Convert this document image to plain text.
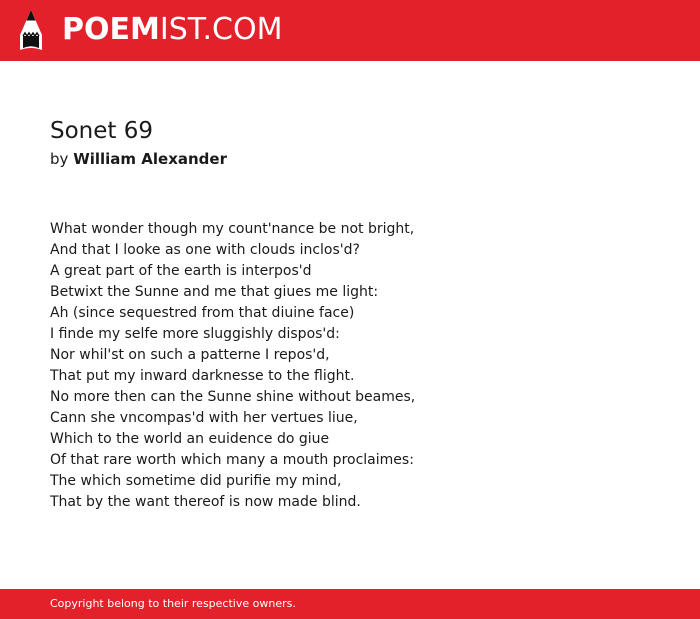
POEMIST.COM
Sonet 69
by William Alexander
What wonder though my count'nance be not bright,
And that I looke as one with clouds inclos'd?
A great part of the earth is interpos'd
Betwixt the Sunne and me that giues me light:
Ah (since sequestred from that diuine face)
I finde my selfe more sluggishly dispos'd:
Nor whil'st on such a patterne I repos'd,
That put my inward darknesse to the flight.
No more then can the Sunne shine without beames,
Cann she vncompas'd with her vertues liue,
Which to the world an euidence do giue
Of that rare worth which many a mouth proclaimes:
The which sometime did purifie my mind,
That by the want thereof is now made blind.
Copyright belong to their respective owners.
